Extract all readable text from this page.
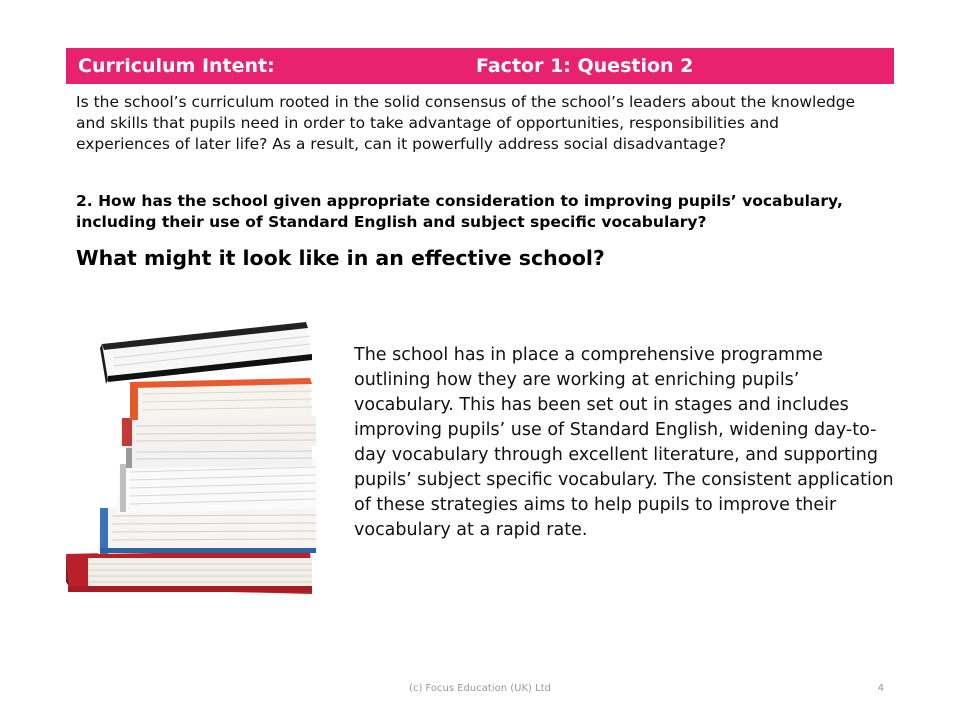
Curriculum Intent:	Factor 1: Question 2
Is the school’s curriculum rooted in the solid consensus of the school’s leaders about the knowledge and skills that pupils need in order to take advantage of opportunities, responsibilities and experiences of later life? As a result, can it powerfully address social disadvantage?
2. How has the school given appropriate consideration to improving pupils’ vocabulary, including their use of Standard English and subject specific vocabulary?
What might it look like in an effective school?
The school has in place a comprehensive programme outlining how they are working at enriching pupils’ vocabulary. This has been set out in stages and includes improving pupils’ use of Standard English, widening day-to-day vocabulary through excellent literature, and supporting pupils’ subject specific vocabulary. The consistent application of these strategies aims to help pupils to improve their vocabulary at a rapid rate.
(c) Focus Education (UK) Ltd	4
